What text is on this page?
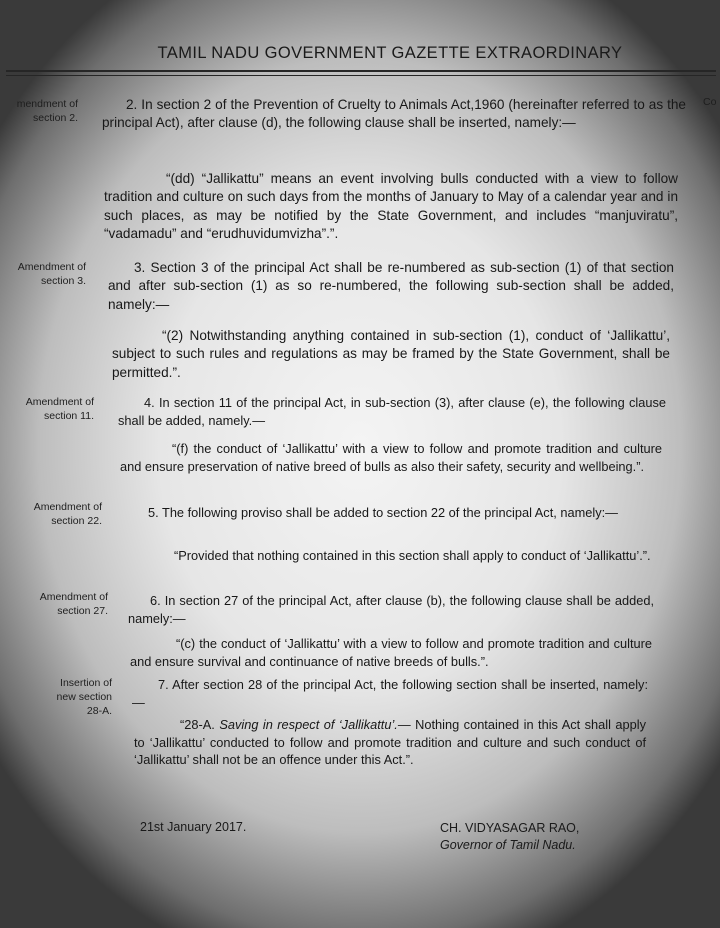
TAMIL NADU GOVERNMENT GAZETTE EXTRAORDINARY
Co
mendment of
section 2.
2. In section 2 of the Prevention of Cruelty to Animals Act,1960 (hereinafter referred to as the principal Act), after clause (d), the following clause shall be inserted, namely:—
“(dd) “Jallikattu” means an event involving bulls conducted with a view to follow tradition and culture on such days from the months of January to May of a calendar year and in such places, as may be notified by the State Government, and includes “manjuviratu”, “vadamadu” and “erudhuvidumvizha”.”.
Amendment of
section 3.
3. Section 3 of the principal Act shall be re-numbered as sub-section (1) of that section and after sub-section (1) as so re-numbered, the following sub-section shall be added, namely:—
“(2) Notwithstanding anything contained in sub-section (1), conduct of ‘Jallikattu’, subject to such rules and regulations as may be framed by the State Government, shall be permitted.”.
Amendment of
section 11.
4. In section 11 of the principal Act, in sub-section (3), after clause (e), the following clause shall be added, namely.—
“(f) the conduct of ‘Jallikattu’ with a view to follow and promote tradition and culture and ensure preservation of native breed of bulls as also their safety, security and wellbeing.”.
Amendment of
section 22.
5. The following proviso shall be added to section 22 of the principal Act, namely:—
“Provided that nothing contained in this section shall apply to conduct of ‘Jallikattu’.”.
Amendment of
section 27.
6. In section 27 of the principal Act, after clause (b), the following clause shall be added, namely:—
“(c) the conduct of ‘Jallikattu’ with a view to follow and promote tradition and culture and ensure survival and continuance of native breeds of bulls.”.
Insertion of
new section
28-A.
7. After section 28 of the principal Act, the following section shall be inserted, namely:—
“28-A. Saving in respect of ‘Jallikattu’.— Nothing contained in this Act shall apply to ‘Jallikattu’ conducted to follow and promote tradition and culture and such conduct of ‘Jallikattu’ shall not be an offence under this Act.”.
21st January 2017.	CH. VIDYASAGAR RAO,
Governor of Tamil Nadu.
